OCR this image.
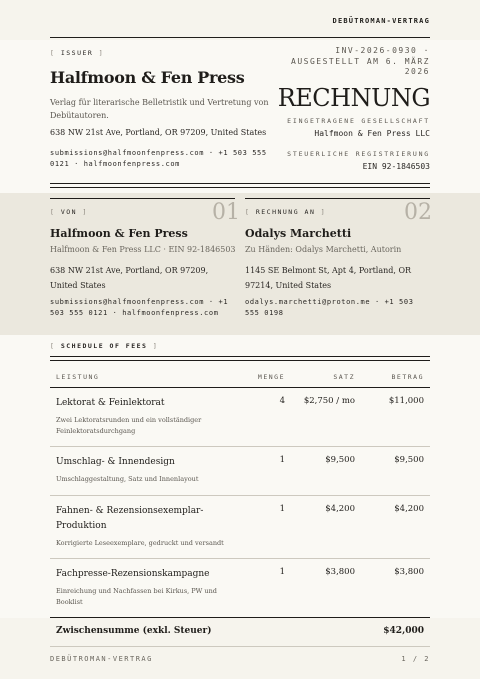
DEBÜTROMAN-VERTRAG
[ ISSUER ]
Halfmoon & Fen Press
Verlag für literarische Belletristik und Vertretung von Debütautoren.
638 NW 21st Ave, Portland, OR 97209, United States
submissions@halfmoonfenpress.com · +1 503 555 0121 · halfmoonfenpress.com
INV-2026-0930 · AUSGESTELLT AM 6. MÄRZ 2026
RECHNUNG
EINGETRAGENE GESELLSCHAFT
Halfmoon & Fen Press LLC
STEUERLICHE REGISTRIERUNG
EIN 92-1846503
01	02
[ VON ]
Halfmoon & Fen Press
Halfmoon & Fen Press LLC · EIN 92-1846503
638 NW 21st Ave, Portland, OR 97209, United States
submissions@halfmoonfenpress.com · +1 503 555 0121 · halfmoonfenpress.com
[ RECHNUNG AN ]
Odalys Marchetti
Zu Händen: Odalys Marchetti, Autorin
1145 SE Belmont St, Apt 4, Portland, OR 97214, United States
odalys.marchetti@proton.me · +1 503 555 0198
[ SCHEDULE OF FEES ]
LEISTUNG	MENGE	SATZ	BETRAG

Lektorat & Feinlektorat
Zwei Lektoratsrunden und ein vollständiger Feinlektoratsdurchgang	4	$2,750 / mo	$11,000

Umschlag- & Innendesign
Umschlaggestaltung, Satz und Innenlayout	1	$9,500	$9,500

Fahnen- & Rezensionsexemplar-Produktion
Korrigierte Leseexemplare, gedruckt und versandt	1	$4,200	$4,200

Fachpresse-Rezensionskampagne
Einreichung und Nachfassen bei Kirkus, PW und Booklist	1	$3,800	$3,800
Zwischensumme (exkl. Steuer)			$42,000
DEBÜTROMAN-VERTRAG	1 / 2
